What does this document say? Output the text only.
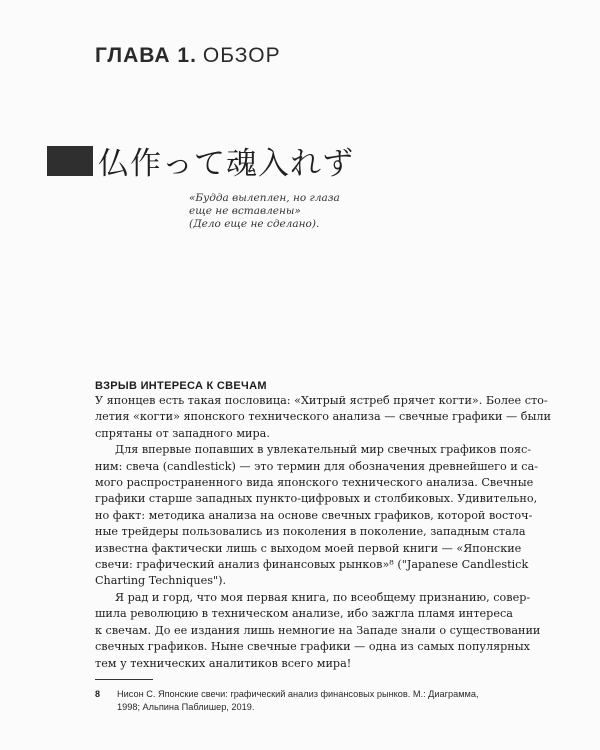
ГЛАВА 1. ОБЗОР
仏作って魂入れず
«Будда вылеплен, но глаза
еще не вставлены»
(Дело еще не сделано).
ВЗРЫВ ИНТЕРЕСА К СВЕЧАМ
У японцев есть такая пословица: «Хитрый ястреб прячет когти». Более сто-
летия «когти» японского технического анализа — свечные графики — были
спрятаны от западного мира.
Для впервые попавших в увлекательный мир свечных графиков пояс-
ним: свеча (candlestick) — это термин для обозначения древнейшего и са-
мого распространенного вида японского технического анализа. Свечные
графики старше западных пункто-цифровых и столбиковых. Удивительно,
но факт: методика анализа на основе свечных графиков, которой восточ-
ные трейдеры пользовались из поколения в поколение, западным стала
известна фактически лишь с выходом моей первой книги — «Японские
свечи: графический анализ финансовых рынков»⁸ ("Japanese Candlestick
Charting Techniques").
Я рад и горд, что моя первая книга, по всеобщему признанию, совер-
шила революцию в техническом анализе, ибо зажгла пламя интереса
к свечам. До ее издания лишь немногие на Западе знали о существовании
свечных графиков. Ныне свечные графики — одна из самых популярных
тем у технических аналитиков всего мира!
8 Нисон С. Японские свечи: графический анализ финансовых рынков. М.: Диаграмма,
1998; Альпина Паблишер, 2019.
